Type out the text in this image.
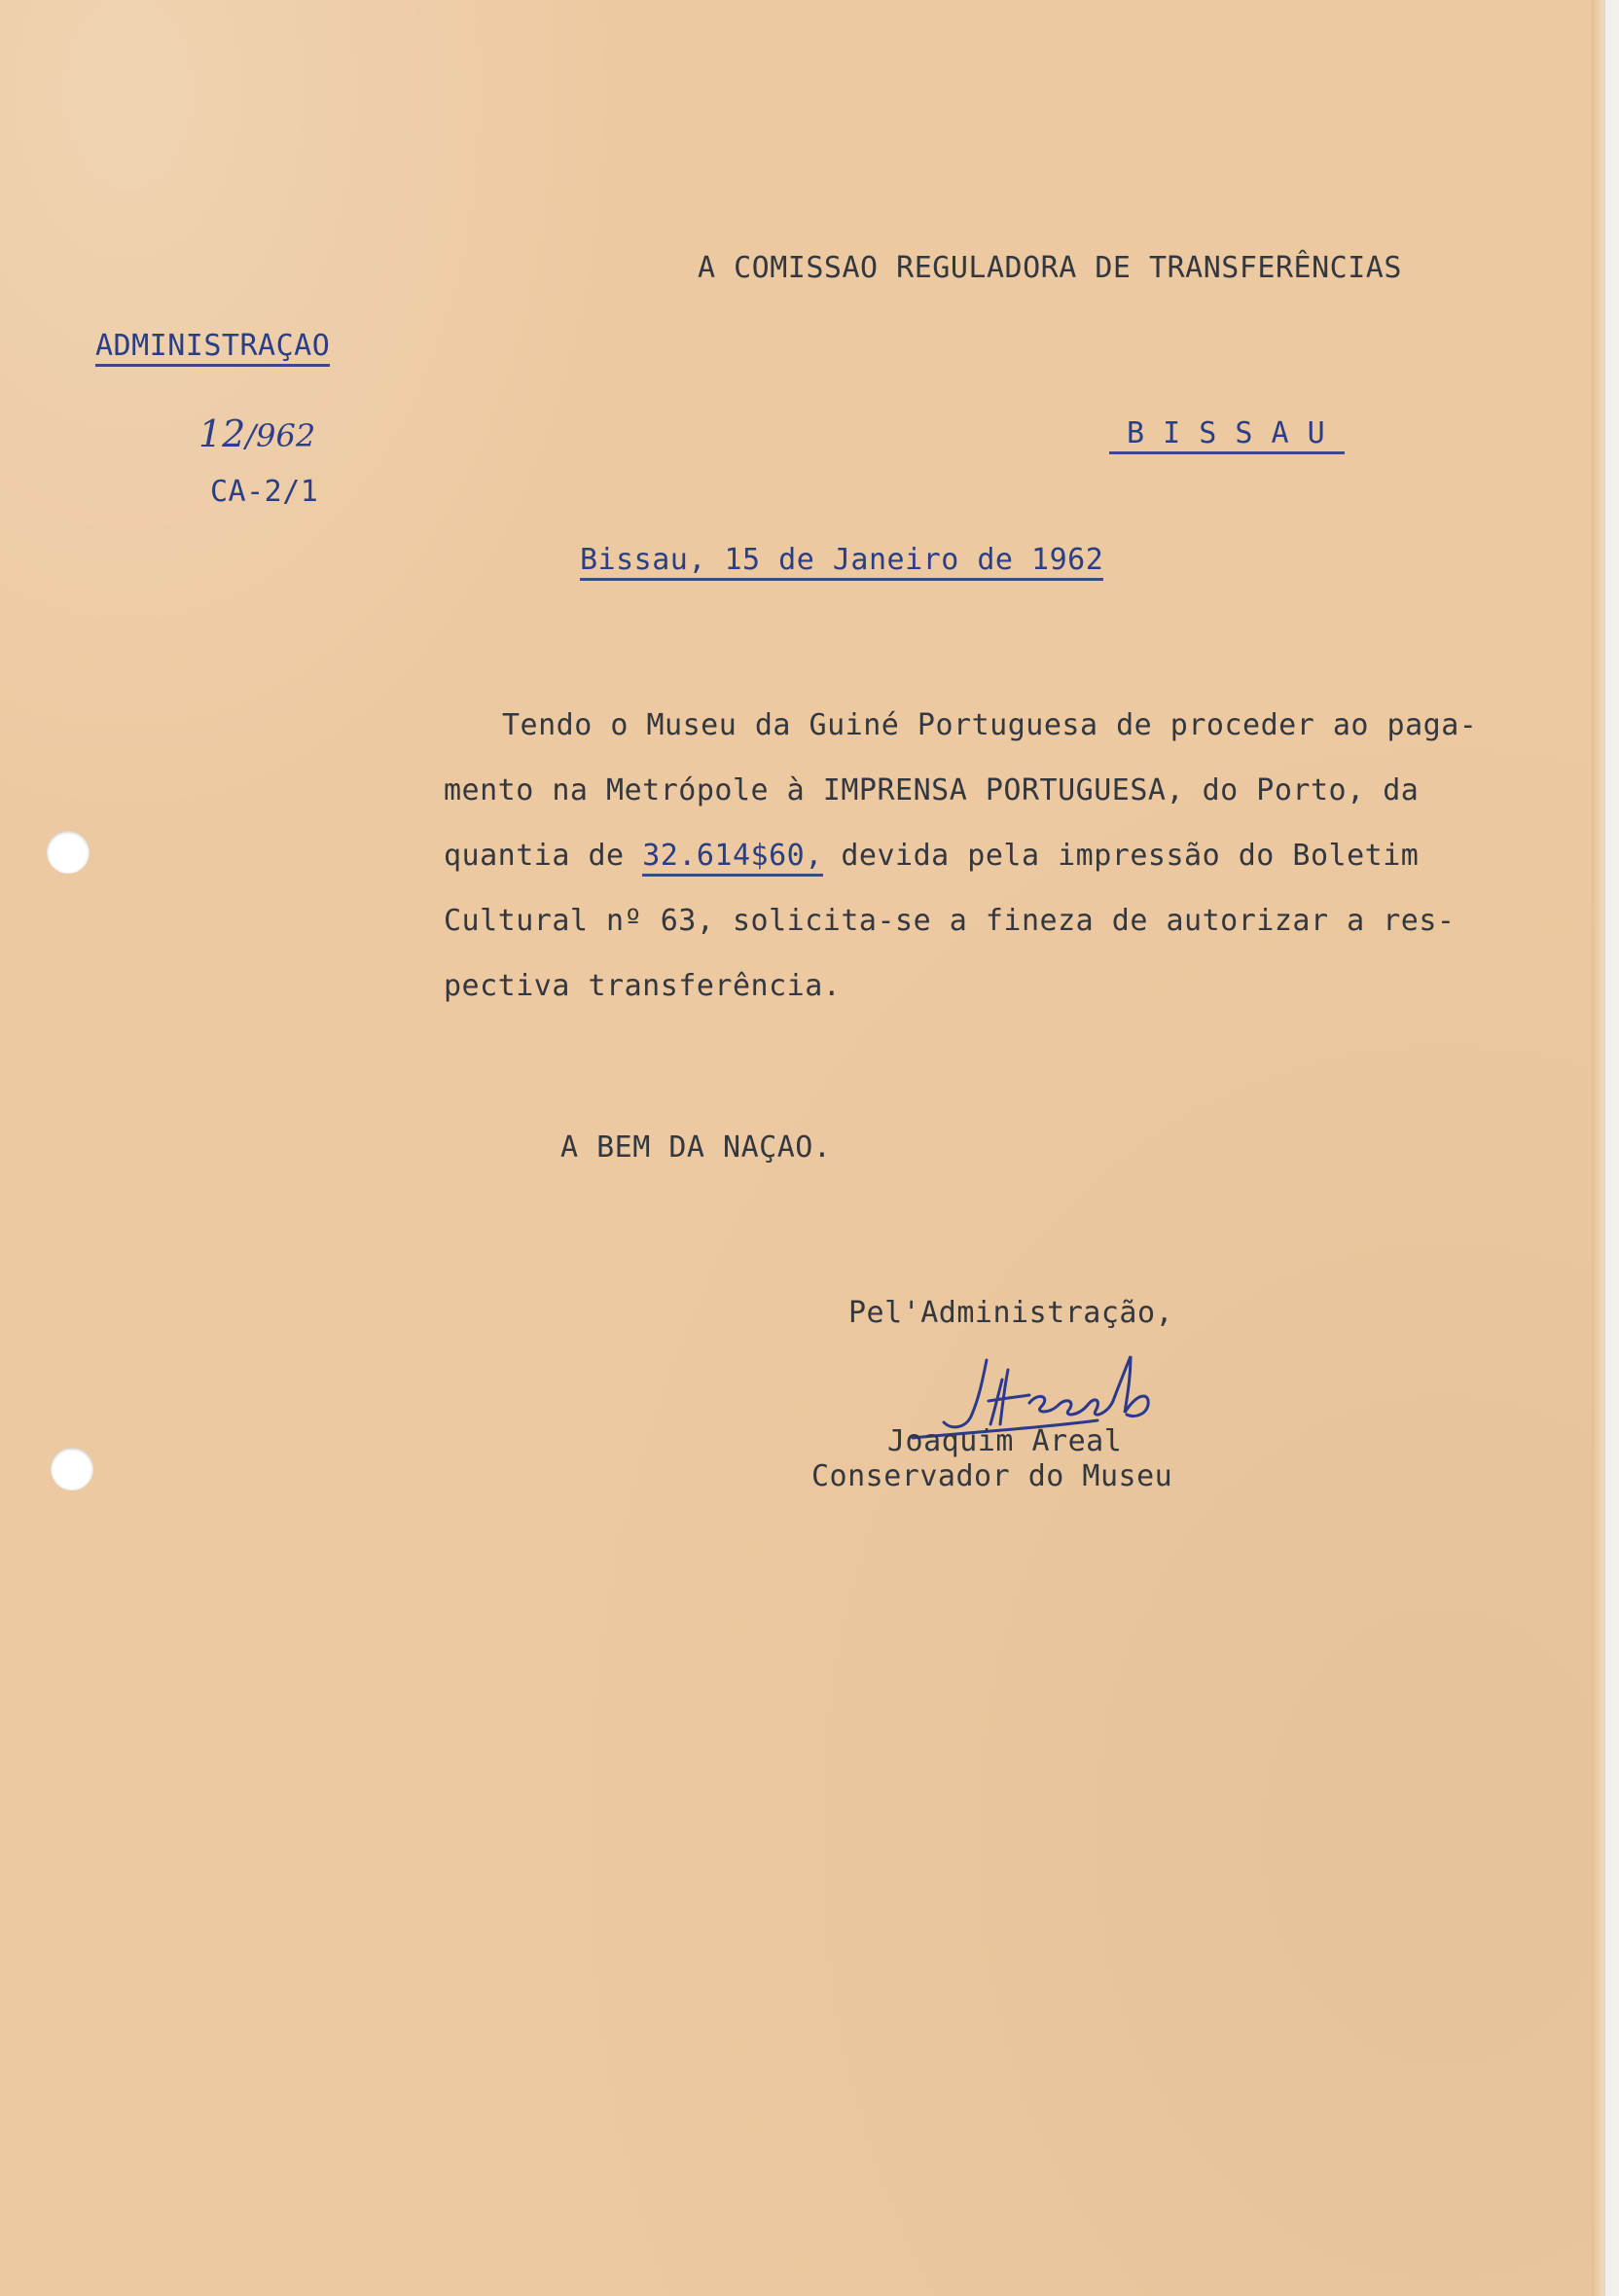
A COMISSAO REGULADORA DE TRANSFERÊNCIAS
ADMINISTRAÇAO
12/962
CA-2/1
B I S S A U
Bissau, 15 de Janeiro de 1962

Tendo o Museu da Guiné Portuguesa de proceder ao paga-

mento na Metrópole à IMPRENSA PORTUGUESA, do Porto, da

quantia de 32.614$60, devida pela impressão do Boletim

Cultural nº 63, solicita-se a fineza de autorizar a res-

pectiva transferência.

A BEM DA NAÇAO.
Pel'Administração,
Joaquim Areal
Conservador do Museu
